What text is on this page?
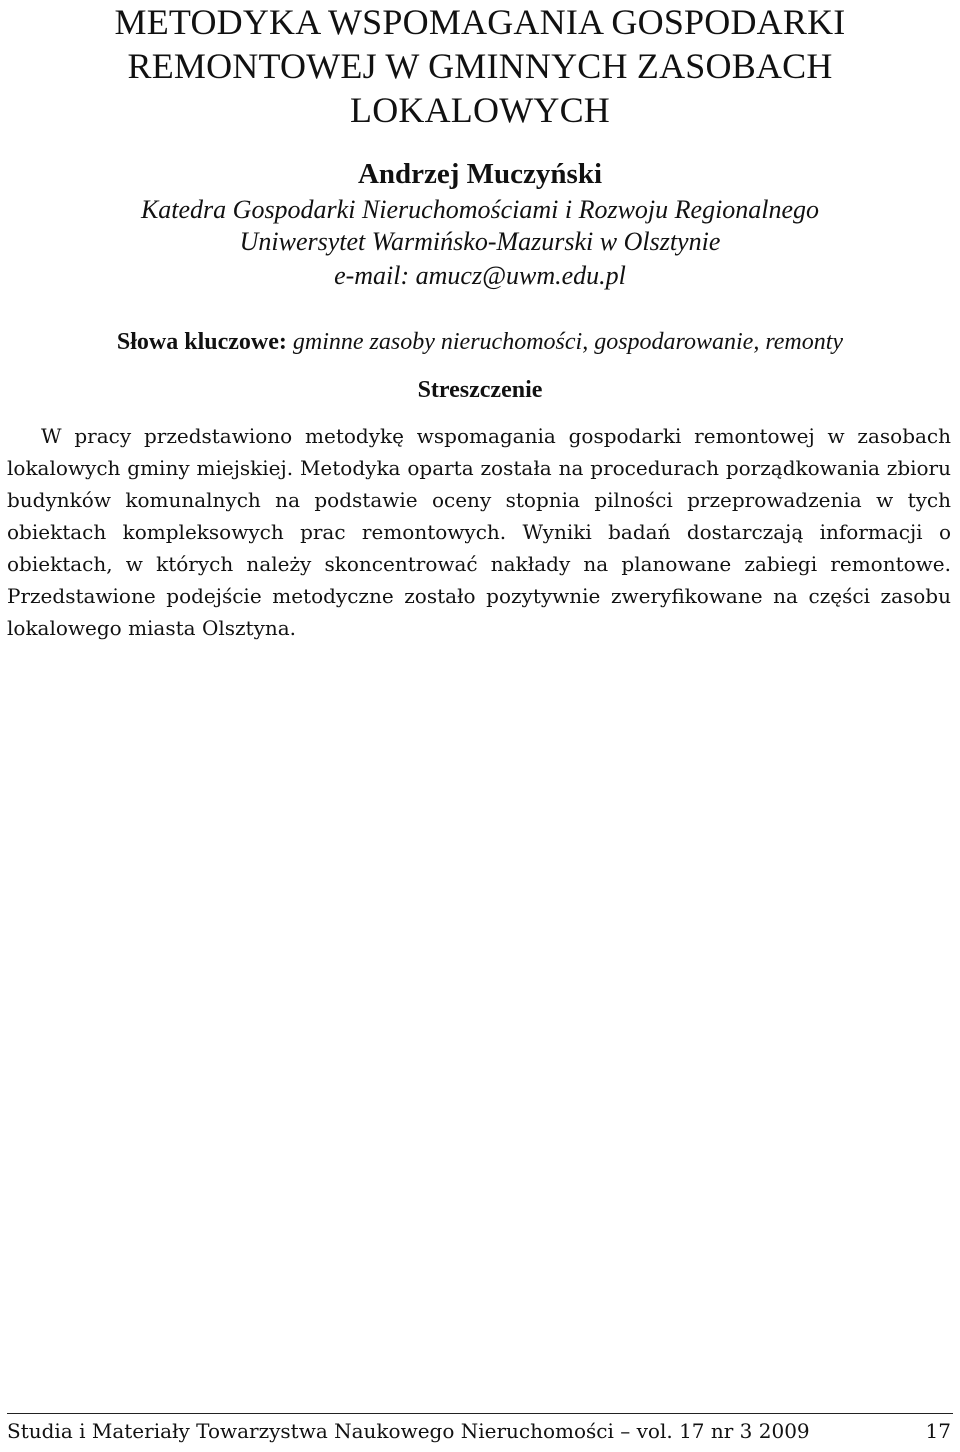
METODYKA WSPOMAGANIA GOSPODARKI
REMONTOWEJ W GMINNYCH ZASOBACH
LOKALOWYCH
Andrzej Muczyński
Katedra Gospodarki Nieruchomościami i Rozwoju Regionalnego
Uniwersytet Warmińsko-Mazurski w Olsztynie
e-mail: amucz@uwm.edu.pl
Słowa kluczowe: gminne zasoby nieruchomości, gospodarowanie, remonty
Streszczenie

W pracy przedstawiono metodykę wspomagania gospodarki remontowej w zasobach lokalowych gminy miejskiej. Metodyka oparta została na procedurach porządkowania zbioru budynków komunalnych na podstawie oceny stopnia pilności przeprowadzenia w tych obiektach kompleksowych prac remontowych. Wyniki badań dostarczają informacji o obiektach, w których należy skoncentrować nakłady na planowane zabiegi remontowe. Przedstawione podejście metodyczne zostało pozytywnie zweryfikowane na części zasobu lokalowego miasta Olsztyna.

Studia i Materiały Towarzystwa Naukowego Nieruchomości – vol. 17 nr 3 2009	17
